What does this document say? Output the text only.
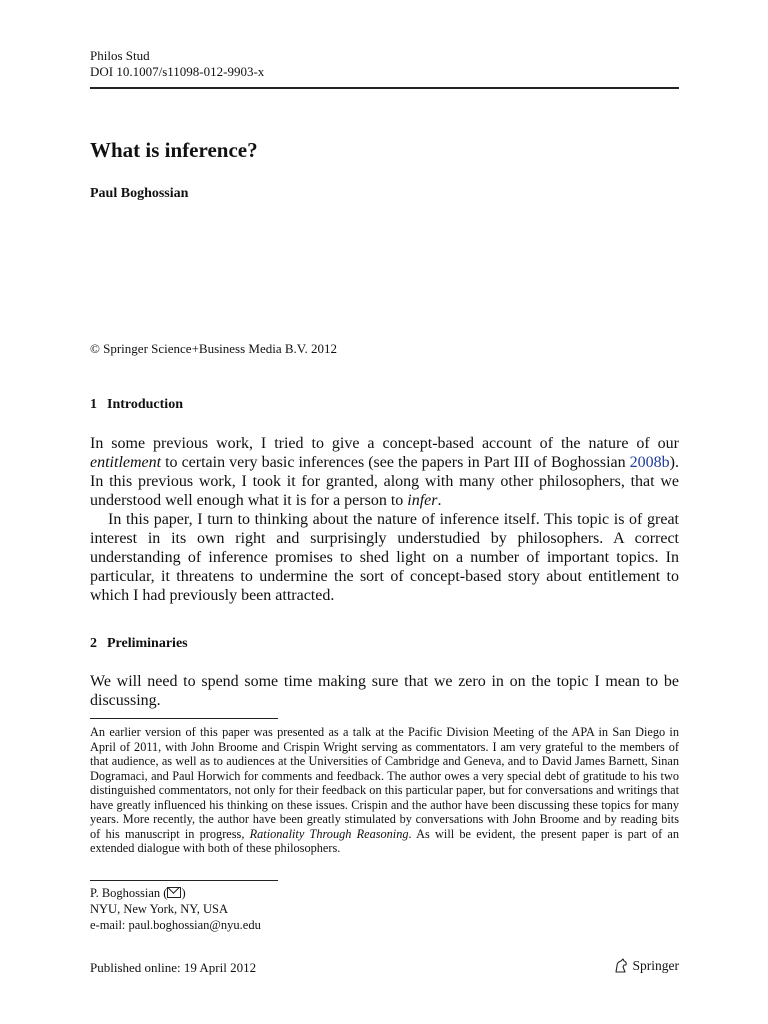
Philos Stud
DOI 10.1007/s11098-012-9903-x
What is inference?
Paul Boghossian
© Springer Science+Business Media B.V. 2012
1 Introduction

In some previous work, I tried to give a concept-based account of the nature of our entitlement to certain very basic inferences (see the papers in Part III of Boghossian 2008b). In this previous work, I took it for granted, along with many other philosophers, that we understood well enough what it is for a person to infer.

In this paper, I turn to thinking about the nature of inference itself. This topic is of great interest in its own right and surprisingly understudied by philosophers. A correct understanding of inference promises to shed light on a number of important topics. In particular, it threatens to undermine the sort of concept-based story about entitlement to which I had previously been attracted.

2 Preliminaries

We will need to spend some time making sure that we zero in on the topic I mean to be discussing.

An earlier version of this paper was presented as a talk at the Pacific Division Meeting of the APA in San Diego in April of 2011, with John Broome and Crispin Wright serving as commentators. I am very grateful to the members of that audience, as well as to audiences at the Universities of Cambridge and Geneva, and to David James Barnett, Sinan Dogramaci, and Paul Horwich for comments and feedback. The author owes a very special debt of gratitude to his two distinguished commentators, not only for their feedback on this particular paper, but for conversations and writings that have greatly influenced his thinking on these issues. Crispin and the author have been discussing these topics for many years. More recently, the author have been greatly stimulated by conversations with John Broome and by reading bits of his manuscript in progress, Rationality Through Reasoning. As will be evident, the present paper is part of an extended dialogue with both of these philosophers.

P. Boghossian ( )
NYU, New York, NY, USA
e-mail: paul.boghossian@nyu.edu
Published online: 19 April 2012	Springer
